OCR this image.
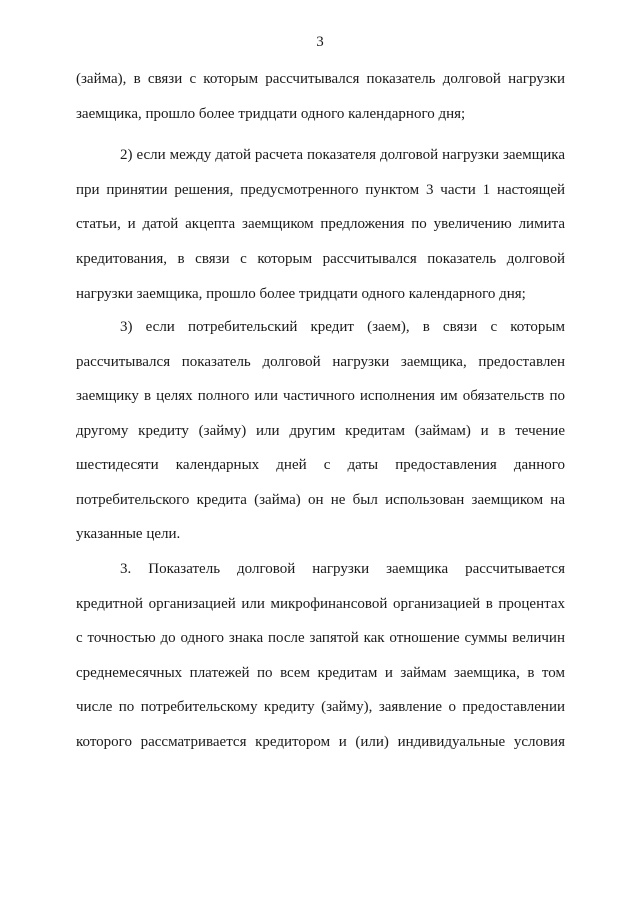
3
(займа), в связи с которым рассчитывался показатель долговой нагрузки
заемщика, прошло более тридцати одного календарного дня;
2) если между датой расчета показателя долговой нагрузки заемщика
при принятии решения, предусмотренного пунктом 3 части 1 настоящей
статьи, и датой акцепта заемщиком предложения по увеличению лимита
кредитования, в связи с которым рассчитывался показатель долговой
нагрузки заемщика, прошло более тридцати одного календарного дня;
3) если потребительский кредит (заем), в связи с которым
рассчитывался показатель долговой нагрузки заемщика, предоставлен
заемщику в целях полного или частичного исполнения им обязательств по
другому кредиту (займу) или другим кредитам (займам) и в течение
шестидесяти календарных дней с даты предоставления данного
потребительского кредита (займа) он не был использован заемщиком на
указанные цели.
3. Показатель долговой нагрузки заемщика рассчитывается
кредитной организацией или микрофинансовой организацией в процентах
с точностью до одного знака после запятой как отношение суммы величин
среднемесячных платежей по всем кредитам и займам заемщика, в том
числе по потребительскому кредиту (займу), заявление о предоставлении
которого рассматривается кредитором и (или) индивидуальные условия
